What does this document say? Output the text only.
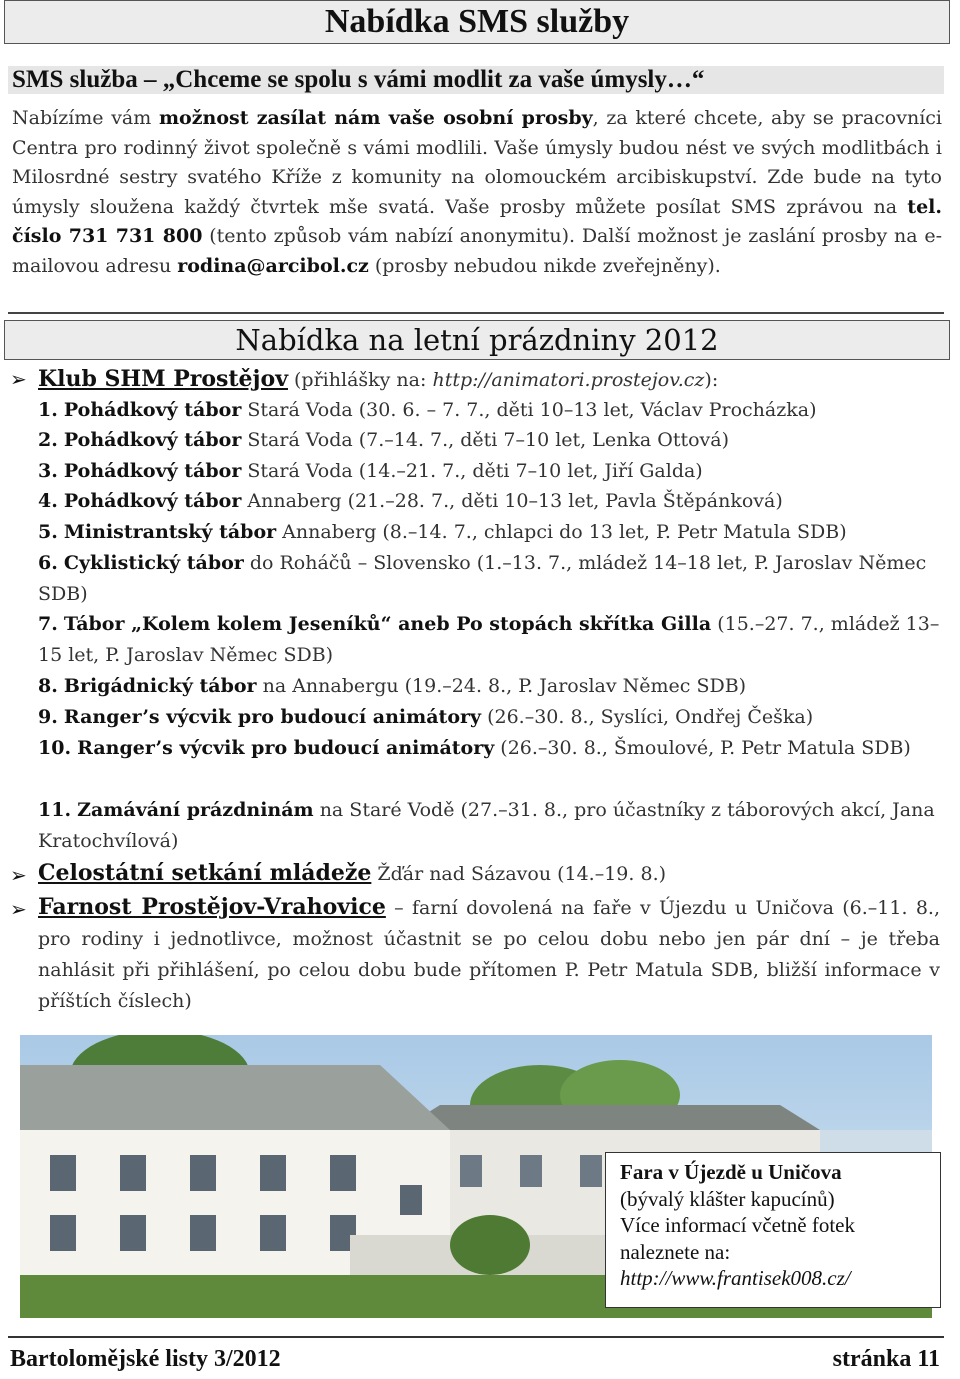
Nabídka SMS služby
SMS služba – „Chceme se spolu s vámi modlit za vaše úmysly…“
Nabízíme vám možnost zasílat nám vaše osobní prosby, za které chcete, aby se pracovníci Centra pro rodinný život společně s vámi modlili. Vaše úmysly budou nést ve svých modlitbách i Milosrdné sestry svatého Kříže z komunity na olomouckém arcibiskupství. Zde bude na tyto úmysly sloužena každý čtvrtek mše svatá. Vaše prosby můžete posílat SMS zprávou na tel. číslo 731 731 800 (tento způsob vám nabízí anonymitu). Další možnost je zaslání prosby na e-mailovou adresu rodina@arcibol.cz (prosby nebudou nikde zveřejněny).
Nabídka na letní prázdniny 2012
➢ Klub SHM Prostějov (přihlášky na: http://animatori.prostejov.cz):
1. Pohádkový tábor Stará Voda (30. 6. – 7. 7., děti 10–13 let, Václav Procházka)
2. Pohádkový tábor Stará Voda (7.–14. 7., děti 7–10 let, Lenka Ottová)
3. Pohádkový tábor Stará Voda (14.–21. 7., děti 7–10 let, Jiří Galda)
4. Pohádkový tábor Annaberg (21.–28. 7., děti 10–13 let, Pavla Štěpánková)
5. Ministrantský tábor Annaberg (8.–14. 7., chlapci do 13 let, P. Petr Matula SDB)
6. Cyklistický tábor do Roháčů – Slovensko (1.–13. 7., mládež 14–18 let, P. Jaroslav Němec SDB)
7. Tábor „Kolem kolem Jeseníků“ aneb Po stopách skřítka Gilla (15.–27. 7., mládež 13–15 let, P. Jaroslav Němec SDB)
8. Brigádnický tábor na Annabergu (19.–24. 8., P. Jaroslav Němec SDB)
9. Ranger’s výcvik pro budoucí animátory (26.–30. 8., Syslíci, Ondřej Češka)
10. Ranger’s výcvik pro budoucí animátory (26.–30. 8., Šmoulové, P. Petr Matula SDB)
11. Zamávání prázdninám na Staré Vodě (27.–31. 8., pro účastníky z táborových akcí, Jana Kratochvílová)
➢ Celostátní setkání mládeže Žďár nad Sázavou (14.–19. 8.)
➢ Farnost Prostějov-Vrahovice – farní dovolená na faře v Újezdu u Uničova (6.–11. 8., pro rodiny i jednotlivce, možnost účastnit se po celou dobu nebo jen pár dní – je třeba nahlásit při přihlášení, po celou dobu bude přítomen P. Petr Matula SDB, bližší informace v příštích číslech)
Fara v Újezdě u Uničova
(bývalý klášter kapucínů)
Více informací včetně fotek naleznete na:
http://www.frantisek008.cz/
Bartolomějské listy 3/2012	stránka 11
